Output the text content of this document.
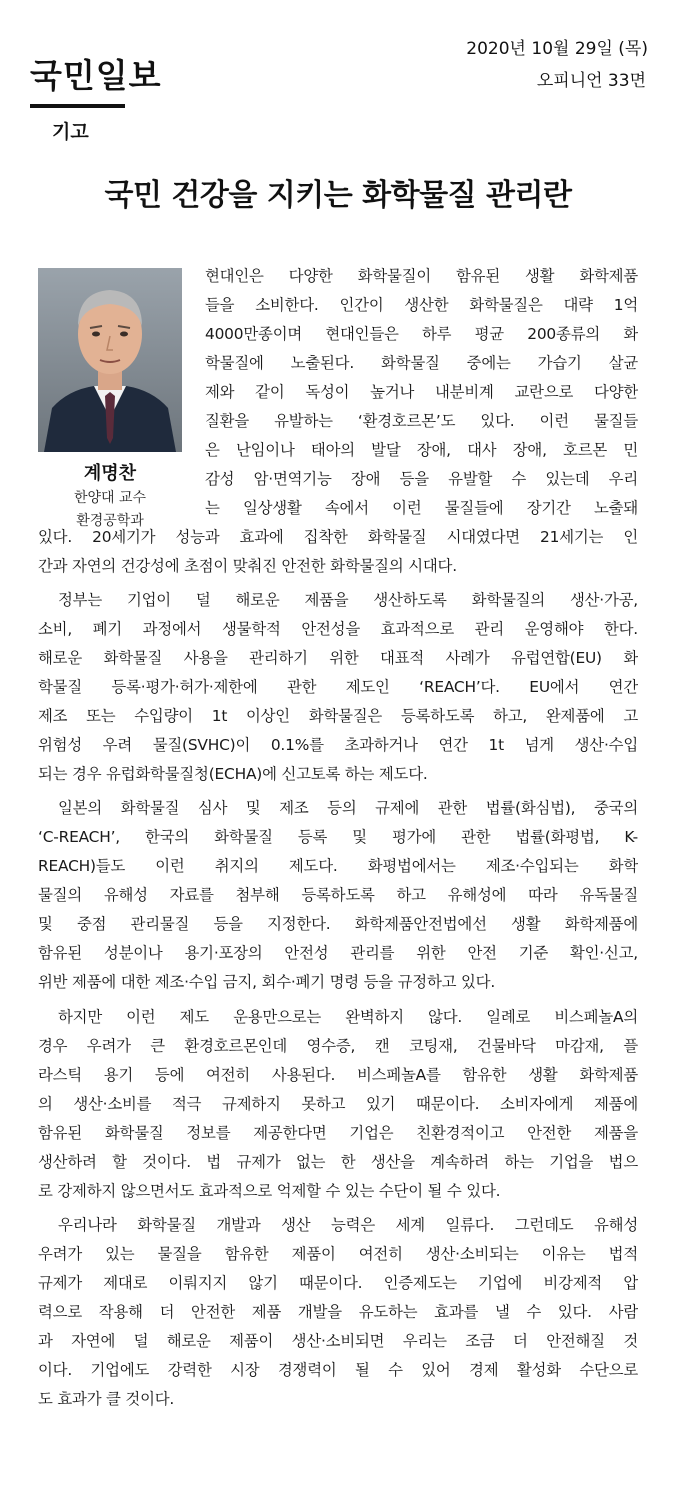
국민일보
기고
2020년 10월 29일 (목)
오피니언 33면
국민 건강을 지키는 화학물질 관리란
계명찬
한양대 교수
환경공학과
현대인은 다양한 화학물질이 함유된 생활 화학제품
들을 소비한다. 인간이 생산한 화학물질은 대략 1억
4000만종이며 현대인들은 하루 평균 200종류의 화
학물질에 노출된다. 화학물질 중에는 가습기 살균
제와 같이 독성이 높거나 내분비계 교란으로 다양한
질환을 유발하는 ‘환경호르몬’도 있다. 이런 물질들
은 난임이나 태아의 발달 장애, 대사 장애, 호르몬 민
감성 암·면역기능 장애 등을 유발할 수 있는데 우리
는 일상생활 속에서 이런 물질들에 장기간 노출돼
있다. 20세기가 성능과 효과에 집착한 화학물질 시대였다면 21세기는 인
간과 자연의 건강성에 초점이 맞춰진 안전한 화학물질의 시대다.
정부는 기업이 덜 해로운 제품을 생산하도록 화학물질의 생산·가공,
소비, 폐기 과정에서 생물학적 안전성을 효과적으로 관리 운영해야 한다.
해로운 화학물질 사용을 관리하기 위한 대표적 사례가 유럽연합(EU) 화
학물질 등록·평가·허가·제한에 관한 제도인 ‘REACH’다. EU에서 연간
제조 또는 수입량이 1t 이상인 화학물질은 등록하도록 하고, 완제품에 고
위험성 우려 물질(SVHC)이 0.1%를 초과하거나 연간 1t 넘게 생산·수입
되는 경우 유럽화학물질청(ECHA)에 신고토록 하는 제도다.
일본의 화학물질 심사 및 제조 등의 규제에 관한 법률(화심법), 중국의
‘C-REACH’, 한국의 화학물질 등록 및 평가에 관한 법률(화평법, K-
REACH)들도 이런 취지의 제도다. 화평법에서는 제조·수입되는 화학
물질의 유해성 자료를 첨부해 등록하도록 하고 유해성에 따라 유독물질
및 중점 관리물질 등을 지정한다. 화학제품안전법에선 생활 화학제품에
함유된 성분이나 용기·포장의 안전성 관리를 위한 안전 기준 확인·신고,
위반 제품에 대한 제조·수입 금지, 회수·폐기 명령 등을 규정하고 있다.
하지만 이런 제도 운용만으로는 완벽하지 않다. 일례로 비스페놀A의
경우 우려가 큰 환경호르몬인데 영수증, 캔 코팅재, 건물바닥 마감재, 플
라스틱 용기 등에 여전히 사용된다. 비스페놀A를 함유한 생활 화학제품
의 생산·소비를 적극 규제하지 못하고 있기 때문이다. 소비자에게 제품에
함유된 화학물질 정보를 제공한다면 기업은 친환경적이고 안전한 제품을
생산하려 할 것이다. 법 규제가 없는 한 생산을 계속하려 하는 기업을 법으
로 강제하지 않으면서도 효과적으로 억제할 수 있는 수단이 될 수 있다.
우리나라 화학물질 개발과 생산 능력은 세계 일류다. 그런데도 유해성
우려가 있는 물질을 함유한 제품이 여전히 생산·소비되는 이유는 법적
규제가 제대로 이뤄지지 않기 때문이다. 인증제도는 기업에 비강제적 압
력으로 작용해 더 안전한 제품 개발을 유도하는 효과를 낼 수 있다. 사람
과 자연에 덜 해로운 제품이 생산·소비되면 우리는 조금 더 안전해질 것
이다. 기업에도 강력한 시장 경쟁력이 될 수 있어 경제 활성화 수단으로
도 효과가 클 것이다.
